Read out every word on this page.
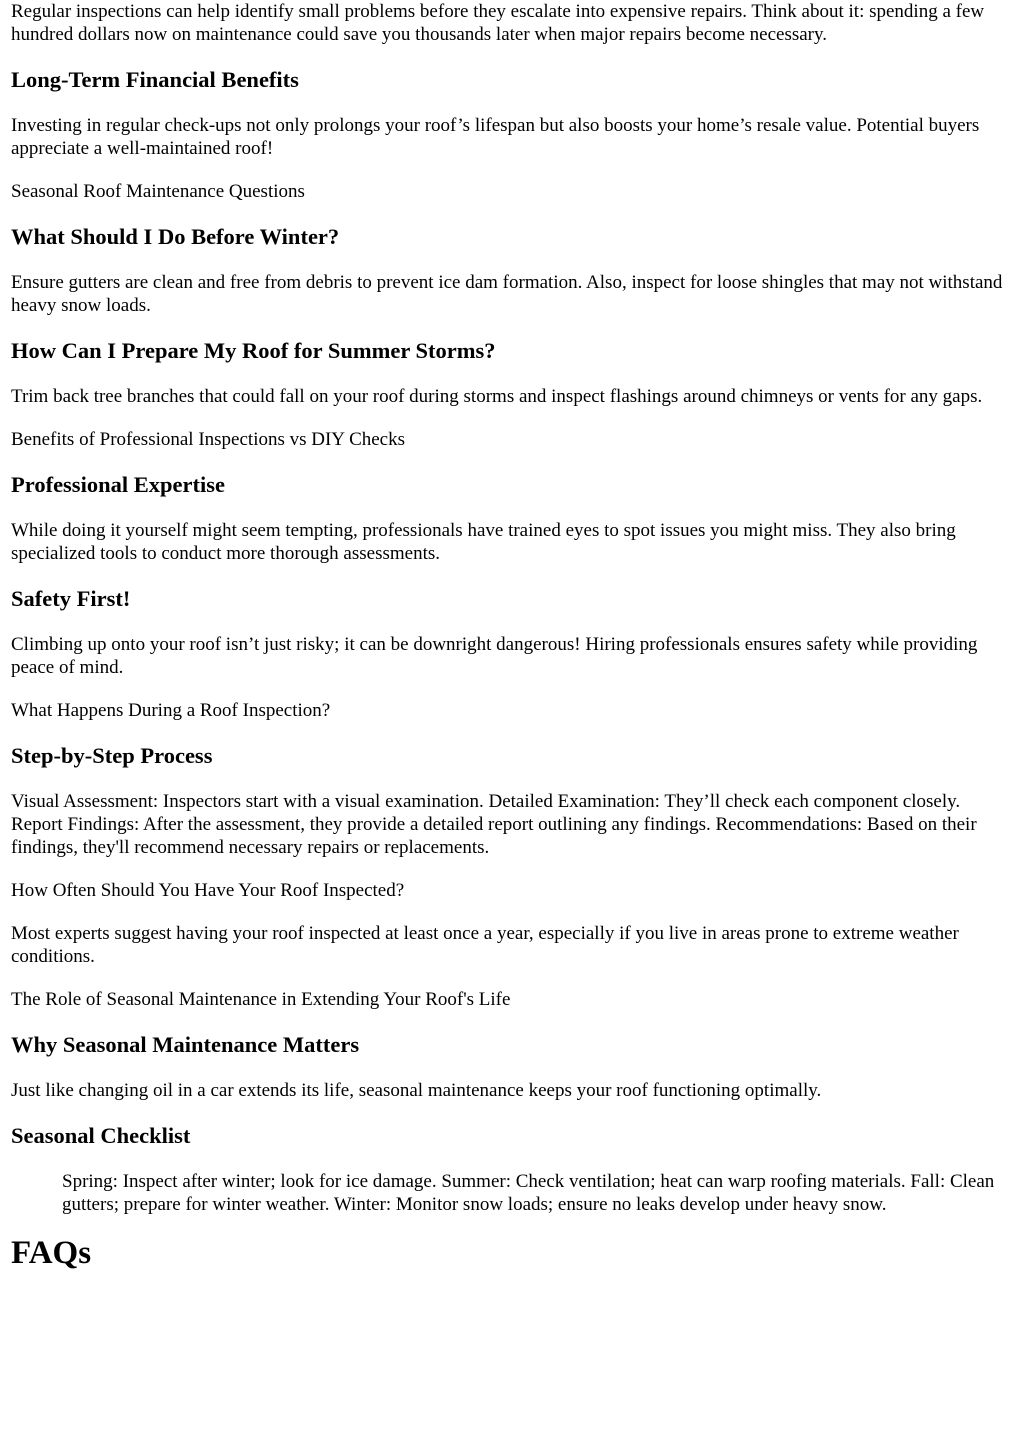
Regular inspections can help identify small problems before they escalate into expensive repairs. Think about it: spending a few hundred dollars now on maintenance could save you thousands later when major repairs become necessary.

Long-Term Financial Benefits

Investing in regular check-ups not only prolongs your roof’s lifespan but also boosts your home’s resale value. Potential buyers appreciate a well-maintained roof!

Seasonal Roof Maintenance Questions

What Should I Do Before Winter?

Ensure gutters are clean and free from debris to prevent ice dam formation. Also, inspect for loose shingles that may not withstand heavy snow loads.

How Can I Prepare My Roof for Summer Storms?

Trim back tree branches that could fall on your roof during storms and inspect flashings around chimneys or vents for any gaps.

Benefits of Professional Inspections vs DIY Checks

Professional Expertise

While doing it yourself might seem tempting, professionals have trained eyes to spot issues you might miss. They also bring specialized tools to conduct more thorough assessments.

Safety First!

Climbing up onto your roof isn’t just risky; it can be downright dangerous! Hiring professionals ensures safety while providing peace of mind.

What Happens During a Roof Inspection?

Step-by-Step Process

Visual Assessment: Inspectors start with a visual examination. Detailed Examination: They’ll check each component closely. Report Findings: After the assessment, they provide a detailed report outlining any findings. Recommendations: Based on their findings, they'll recommend necessary repairs or replacements.

How Often Should You Have Your Roof Inspected?

Most experts suggest having your roof inspected at least once a year, especially if you live in areas prone to extreme weather conditions.

The Role of Seasonal Maintenance in Extending Your Roof's Life

Why Seasonal Maintenance Matters

Just like changing oil in a car extends its life, seasonal maintenance keeps your roof functioning optimally.

Seasonal Checklist
Spring: Inspect after winter; look for ice damage. Summer: Check ventilation; heat can warp roofing materials. Fall: Clean gutters; prepare for winter weather. Winter: Monitor snow loads; ensure no leaks develop under heavy snow.
FAQs
